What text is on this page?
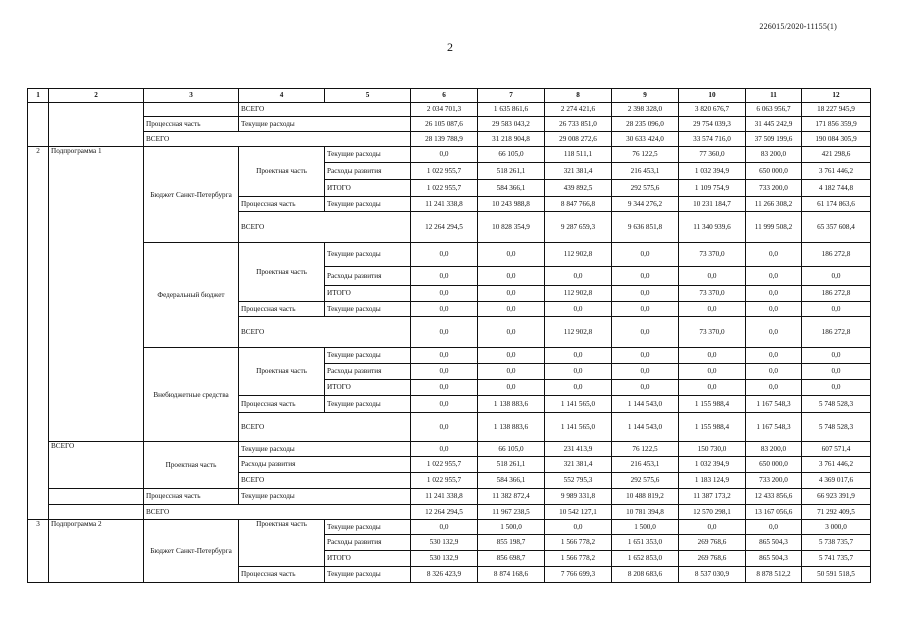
226015/2020-11155(1)
2
1	2	3	4	5	6	7	8	9	10	11	12
			ВСЕГО		2 034 701,3	1 635 861,6	2 274 421,6	2 398 328,0	3 820 676,7	6 063 956,7	18 227 945,9
		Процессная часть	Текущие расходы		26 105 087,6	29 583 043,2	26 733 851,0	28 235 096,0	29 754 039,3	31 445 242,9	171 856 359,9
		ВСЕГО			28 139 788,9	31 218 904,8	29 008 272,6	30 633 424,0	33 574 716,0	37 509 199,6	190 084 305,9
2	Подпрограмма 1	Бюджет Санкт-Петербурга	Проектная часть	Текущие расходы	0,0	66 105,0	118 511,1	76 122,5	77 360,0	83 200,0	421 298,6
				Расходы развития	1 022 955,7	518 261,1	321 381,4	216 453,1	1 032 394,9	650 000,0	3 761 446,2
				ИТОГО	1 022 955,7	584 366,1	439 892,5	292 575,6	1 109 754,9	733 200,0	4 182 744,8
			Процессная часть	Текущие расходы	11 241 338,8	10 243 988,8	8 847 766,8	9 344 276,2	10 231 184,7	11 266 308,2	61 174 863,6
			ВСЕГО		12 264 294,5	10 828 354,9	9 287 659,3	9 636 851,8	11 340 939,6	11 999 508,2	65 357 608,4
		Федеральный бюджет	Проектная часть	Текущие расходы	0,0	0,0	112 902,8	0,0	73 370,0	0,0	186 272,8
				Расходы развития	0,0	0,0	0,0	0,0	0,0	0,0	0,0
				ИТОГО	0,0	0,0	112 902,8	0,0	73 370,0	0,0	186 272,8
			Процессная часть	Текущие расходы	0,0	0,0	0,0	0,0	0,0	0,0	0,0
			ВСЕГО		0,0	0,0	112 902,8	0,0	73 370,0	0,0	186 272,8
		Внебюджетные средства	Проектная часть	Текущие расходы	0,0	0,0	0,0	0,0	0,0	0,0	0,0
				Расходы развития	0,0	0,0	0,0	0,0	0,0	0,0	0,0
				ИТОГО	0,0	0,0	0,0	0,0	0,0	0,0	0,0
			Процессная часть	Текущие расходы	0,0	1 138 883,6	1 141 565,0	1 144 543,0	1 155 988,4	1 167 548,3	5 748 528,3
			ВСЕГО		0,0	1 138 883,6	1 141 565,0	1 144 543,0	1 155 988,4	1 167 548,3	5 748 528,3
	ВСЕГО	Проектная часть	Текущие расходы		0,0	66 105,0	231 413,9	76 122,5	150 730,0	83 200,0	607 571,4
			Расходы развития		1 022 955,7	518 261,1	321 381,4	216 453,1	1 032 394,9	650 000,0	3 761 446,2
			ВСЕГО		1 022 955,7	584 366,1	552 795,3	292 575,6	1 183 124,9	733 200,0	4 369 017,6
		Процессная часть	Текущие расходы		11 241 338,8	11 382 872,4	9 989 331,8	10 488 819,2	11 387 173,2	12 433 856,6	66 923 391,9
		ВСЕГО			12 264 294,5	11 967 238,5	10 542 127,1	10 781 394,8	12 570 298,1	13 167 056,6	71 292 409,5
3	Подпрограмма 2	Бюджет Санкт-Петербурга	Проектная часть	Текущие расходы	0,0	1 500,0	0,0	1 500,0	0,0	0,0	3 000,0
				Расходы развития	530 132,9	855 198,7	1 566 778,2	1 651 353,0	269 768,6	865 504,3	5 738 735,7
				ИТОГО	530 132,9	856 698,7	1 566 778,2	1 652 853,0	269 768,6	865 504,3	5 741 735,7
			Процессная часть	Текущие расходы	8 326 423,9	8 874 168,6	7 766 699,3	8 208 683,6	8 537 030,9	8 878 512,2	50 591 518,5
